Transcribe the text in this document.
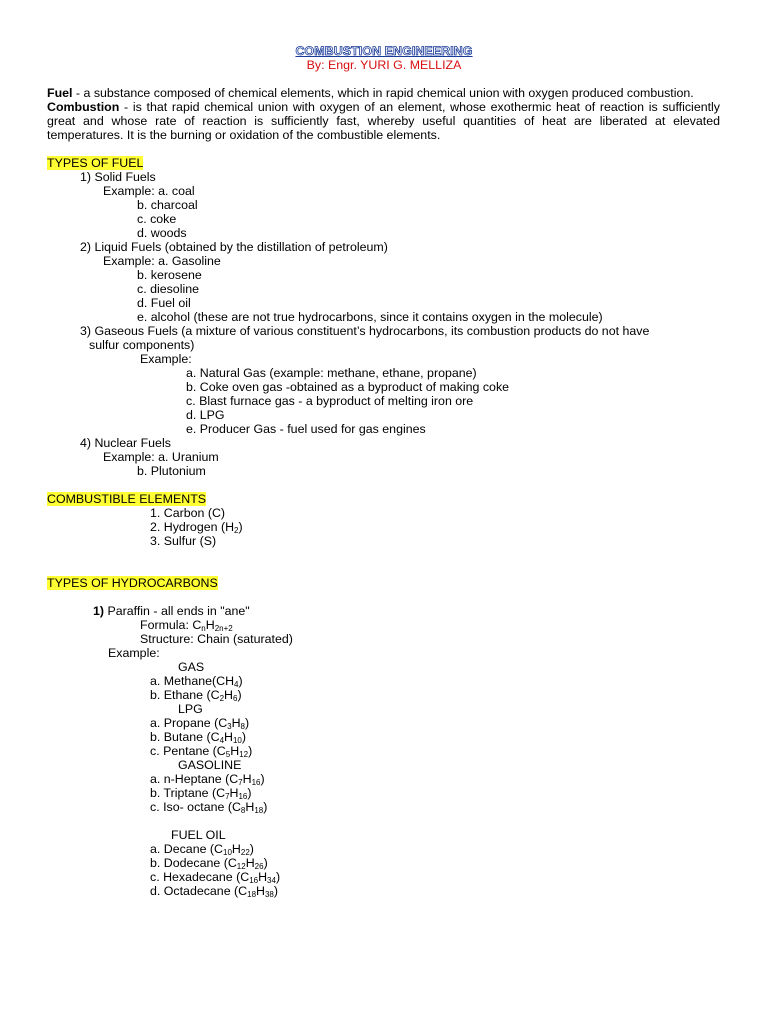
COMBUSTION ENGINEERING
By: Engr. YURI G. MELLIZA
Fuel - a substance composed of chemical elements, which in rapid chemical union with oxygen produced combustion.
Combustion - is that rapid chemical union with oxygen of an element, whose exothermic heat of reaction is sufficiently great and whose rate of reaction is sufficiently fast, whereby useful quantities of heat are liberated at elevated temperatures. It is the burning or oxidation of the combustible elements.
TYPES OF FUEL
1) Solid Fuels
Example: a. coal
b. charcoal
c. coke
d. woods
2) Liquid Fuels (obtained by the distillation of petroleum)
Example: a. Gasoline
b. kerosene
c. diesoline
d. Fuel oil
e. alcohol (these are not true hydrocarbons, since it contains oxygen in the molecule)
3) Gaseous Fuels (a mixture of various constituent’s hydrocarbons, its combustion products do not have
sulfur components)
Example:
a. Natural Gas (example: methane, ethane, propane)
b. Coke oven gas -obtained as a byproduct of making coke
c. Blast furnace gas - a byproduct of melting iron ore
d. LPG
e. Producer Gas - fuel used for gas engines
4) Nuclear Fuels
Example: a. Uranium
b. Plutonium
COMBUSTIBLE ELEMENTS
1. Carbon (C)
2. Hydrogen $(H_2)$
3. Sulfur (S)
TYPES OF HYDROCARBONS
1) Paraffin - all ends in "ane"
Formula: $C_nH_{2n+2}$
Structure: Chain (saturated)
Example:
GAS
a. $Methane(CH_4)$
b. Ethane $(C_2H_6)$
LPG
a. Propane $(C_3H_8)$
b. Butane $(C_4H_{10})$
c. Pentane $(C_5H_{12})$
GASOLINE
a. n-Heptane $(C_7H_{16})$
b. Triptane $(C_7H_{16})$
c. Iso- octane $(C_8H_{18})$
FUEL OIL
a. Decane $(C_{10}H_{22})$
b. Dodecane $(C_{12}H_{26})$
c. Hexadecane $(C_{16}H_{34})$
d. Octadecane $(C_{18}H_{38})$
